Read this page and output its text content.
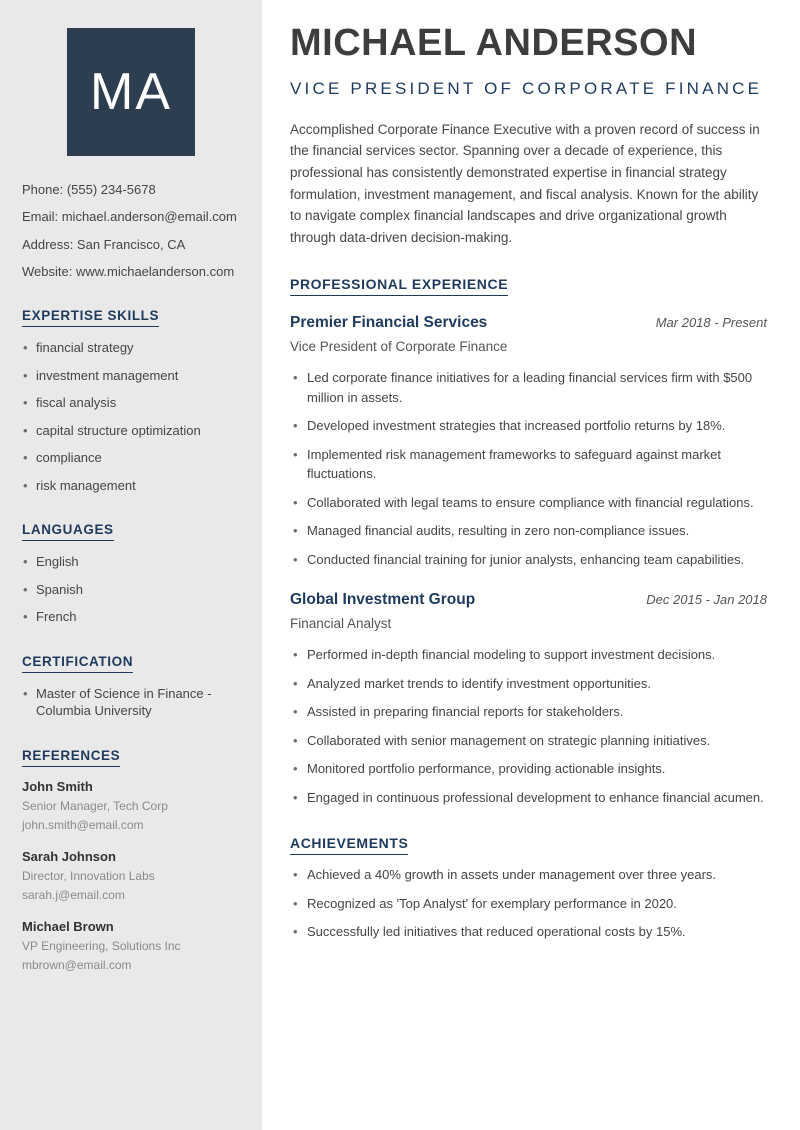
MA
Phone: (555) 234-5678
Email: michael.anderson@email.com
Address: San Francisco, CA
Website: www.michaelanderson.com
EXPERTISE SKILLS
• financial strategy
• investment management
• fiscal analysis
• capital structure optimization
• compliance
• risk management
LANGUAGES
• English
• Spanish
• French
CERTIFICATION
• Master of Science in Finance - Columbia University
REFERENCES
John Smith
Senior Manager, Tech Corp
john.smith@email.com
Sarah Johnson
Director, Innovation Labs
sarah.j@email.com
Michael Brown
VP Engineering, Solutions Inc
mbrown@email.com
MICHAEL ANDERSON
VICE PRESIDENT OF CORPORATE FINANCE

Accomplished Corporate Finance Executive with a proven record of success in the financial services sector. Spanning over a decade of experience, this professional has consistently demonstrated expertise in financial strategy formulation, investment management, and fiscal analysis. Known for the ability to navigate complex financial landscapes and drive organizational growth through data-driven decision-making.

PROFESSIONAL EXPERIENCE
Premier Financial Services	Mar 2018 - Present
Vice President of Corporate Finance
• Led corporate finance initiatives for a leading financial services firm with $500 million in assets.
• Developed investment strategies that increased portfolio returns by 18%.
• Implemented risk management frameworks to safeguard against market fluctuations.
• Collaborated with legal teams to ensure compliance with financial regulations.
• Managed financial audits, resulting in zero non-compliance issues.
• Conducted financial training for junior analysts, enhancing team capabilities.
Global Investment Group	Dec 2015 - Jan 2018
Financial Analyst
• Performed in-depth financial modeling to support investment decisions.
• Analyzed market trends to identify investment opportunities.
• Assisted in preparing financial reports for stakeholders.
• Collaborated with senior management on strategic planning initiatives.
• Monitored portfolio performance, providing actionable insights.
• Engaged in continuous professional development to enhance financial acumen.
ACHIEVEMENTS
• Achieved a 40% growth in assets under management over three years.
• Recognized as 'Top Analyst' for exemplary performance in 2020.
• Successfully led initiatives that reduced operational costs by 15%.
